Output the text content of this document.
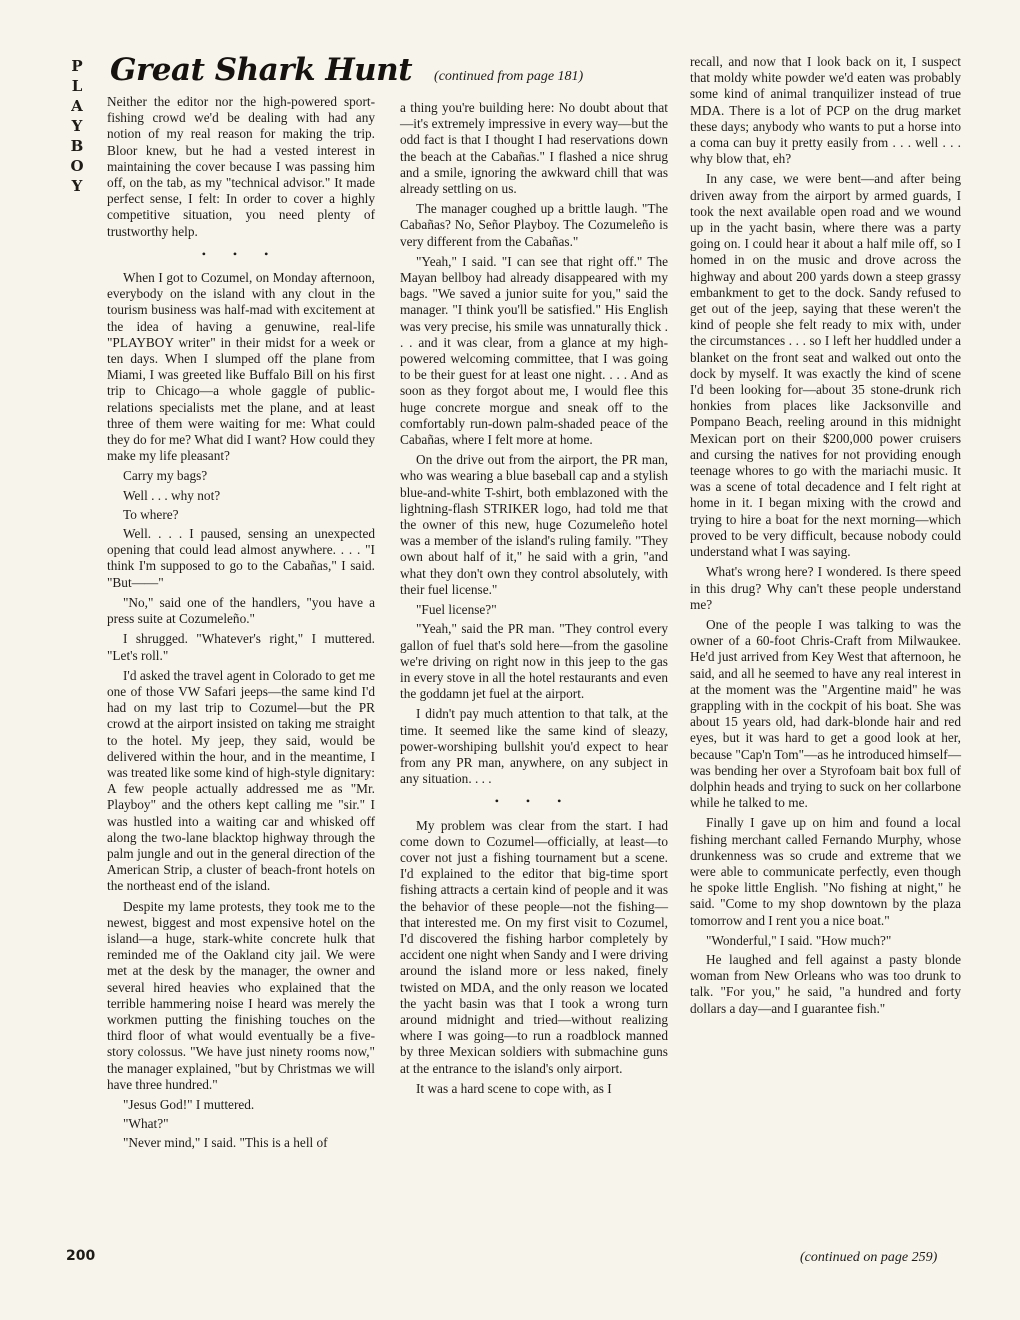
P
L
A
Y
B
O
Y
Great Shark Hunt (continued from page 181)

Neither the editor nor the high-powered sport-fishing crowd we'd be dealing with had any notion of my real reason for making the trip. Bloor knew, but he had a vested interest in maintaining the cover because I was passing him off, on the tab, as my "technical advisor." It made perfect sense, I felt: In order to cover a highly competitive situation, you need plenty of trustworthy help.

• • •

When I got to Cozumel, on Monday afternoon, everybody on the island with any clout in the tourism business was half-mad with excitement at the idea of having a genuwine, real-life "PLAYBOY writer" in their midst for a week or ten days. When I slumped off the plane from Miami, I was greeted like Buffalo Bill on his first trip to Chicago—a whole gaggle of public-relations specialists met the plane, and at least three of them were waiting for me: What could they do for me? What did I want? How could they make my life pleasant?

Carry my bags?

Well . . . why not?

To where?

Well. . . . I paused, sensing an unexpected opening that could lead almost anywhere. . . . "I think I'm supposed to go to the Cabañas," I said. "But——"

"No," said one of the handlers, "you have a press suite at Cozumeleño."

I shrugged. "Whatever's right," I muttered. "Let's roll."

I'd asked the travel agent in Colorado to get me one of those VW Safari jeeps—the same kind I'd had on my last trip to Cozumel—but the PR crowd at the airport insisted on taking me straight to the hotel. My jeep, they said, would be delivered within the hour, and in the meantime, I was treated like some kind of high-style dignitary: A few people actually addressed me as "Mr. Playboy" and the others kept calling me "sir." I was hustled into a waiting car and whisked off along the two-lane blacktop highway through the palm jungle and out in the general direction of the American Strip, a cluster of beach-front hotels on the northeast end of the island.

Despite my lame protests, they took me to the newest, biggest and most expensive hotel on the island—a huge, stark-white concrete hulk that reminded me of the Oakland city jail. We were met at the desk by the manager, the owner and several hired heavies who explained that the terrible hammering noise I heard was merely the workmen putting the finishing touches on the third floor of what would eventually be a five-story colossus. "We have just ninety rooms now," the manager explained, "but by Christmas we will have three hundred."

"Jesus God!" I muttered.

"What?"

"Never mind," I said. "This is a hell of

a thing you're building here: No doubt about that—it's extremely impressive in every way—but the odd fact is that I thought I had reservations down the beach at the Cabañas." I flashed a nice shrug and a smile, ignoring the awkward chill that was already settling on us.

The manager coughed up a brittle laugh. "The Cabañas? No, Señor Playboy. The Cozumeleño is very different from the Cabañas."

"Yeah," I said. "I can see that right off." The Mayan bellboy had already disappeared with my bags. "We saved a junior suite for you," said the manager. "I think you'll be satisfied." His English was very precise, his smile was unnaturally thick . . . and it was clear, from a glance at my high-powered welcoming committee, that I was going to be their guest for at least one night. . . . And as soon as they forgot about me, I would flee this huge concrete morgue and sneak off to the comfortably run-down palm-shaded peace of the Cabañas, where I felt more at home.

On the drive out from the airport, the PR man, who was wearing a blue baseball cap and a stylish blue-and-white T-shirt, both emblazoned with the lightning-flash STRIKER logo, had told me that the owner of this new, huge Cozumeleño hotel was a member of the island's ruling family. "They own about half of it," he said with a grin, "and what they don't own they control absolutely, with their fuel license."

"Fuel license?"

"Yeah," said the PR man. "They control every gallon of fuel that's sold here—from the gasoline we're driving on right now in this jeep to the gas in every stove in all the hotel restaurants and even the goddamn jet fuel at the airport.

I didn't pay much attention to that talk, at the time. It seemed like the same kind of sleazy, power-worshiping bullshit you'd expect to hear from any PR man, anywhere, on any subject in any situation. . . .

• • •

My problem was clear from the start. I had come down to Cozumel—officially, at least—to cover not just a fishing tournament but a scene. I'd explained to the editor that big-time sport fishing attracts a certain kind of people and it was the behavior of these people—not the fishing—that interested me. On my first visit to Cozumel, I'd discovered the fishing harbor completely by accident one night when Sandy and I were driving around the island more or less naked, finely twisted on MDA, and the only reason we located the yacht basin was that I took a wrong turn around midnight and tried—without realizing where I was going—to run a roadblock manned by three Mexican soldiers with submachine guns at the entrance to the island's only airport.

It was a hard scene to cope with, as I

recall, and now that I look back on it, I suspect that moldy white powder we'd eaten was probably some kind of animal tranquilizer instead of true MDA. There is a lot of PCP on the drug market these days; anybody who wants to put a horse into a coma can buy it pretty easily from . . . well . . . why blow that, eh?

In any case, we were bent—and after being driven away from the airport by armed guards, I took the next available open road and we wound up in the yacht basin, where there was a party going on. I could hear it about a half mile off, so I homed in on the music and drove across the highway and about 200 yards down a steep grassy embankment to get to the dock. Sandy refused to get out of the jeep, saying that these weren't the kind of people she felt ready to mix with, under the circumstances . . . so I left her huddled under a blanket on the front seat and walked out onto the dock by myself. It was exactly the kind of scene I'd been looking for—about 35 stone-drunk rich honkies from places like Jacksonville and Pompano Beach, reeling around in this midnight Mexican port on their $200,000 power cruisers and cursing the natives for not providing enough teenage whores to go with the mariachi music. It was a scene of total decadence and I felt right at home in it. I began mixing with the crowd and trying to hire a boat for the next morning—which proved to be very difficult, because nobody could understand what I was saying.

What's wrong here? I wondered. Is there speed in this drug? Why can't these people understand me?

One of the people I was talking to was the owner of a 60-foot Chris-Craft from Milwaukee. He'd just arrived from Key West that afternoon, he said, and all he seemed to have any real interest in at the moment was the "Argentine maid" he was grappling with in the cockpit of his boat. She was about 15 years old, had dark-blonde hair and red eyes, but it was hard to get a good look at her, because "Cap'n Tom"—as he introduced himself—was bending her over a Styrofoam bait box full of dolphin heads and trying to suck on her collarbone while he talked to me.

Finally I gave up on him and found a local fishing merchant called Fernando Murphy, whose drunkenness was so crude and extreme that we were able to communicate perfectly, even though he spoke little English. "No fishing at night," he said. "Come to my shop downtown by the plaza tomorrow and I rent you a nice boat."

"Wonderful," I said. "How much?"

He laughed and fell against a pasty blonde woman from New Orleans who was too drunk to talk. "For you," he said, "a hundred and forty dollars a day—and I guarantee fish."

200	(continued on page 259)
